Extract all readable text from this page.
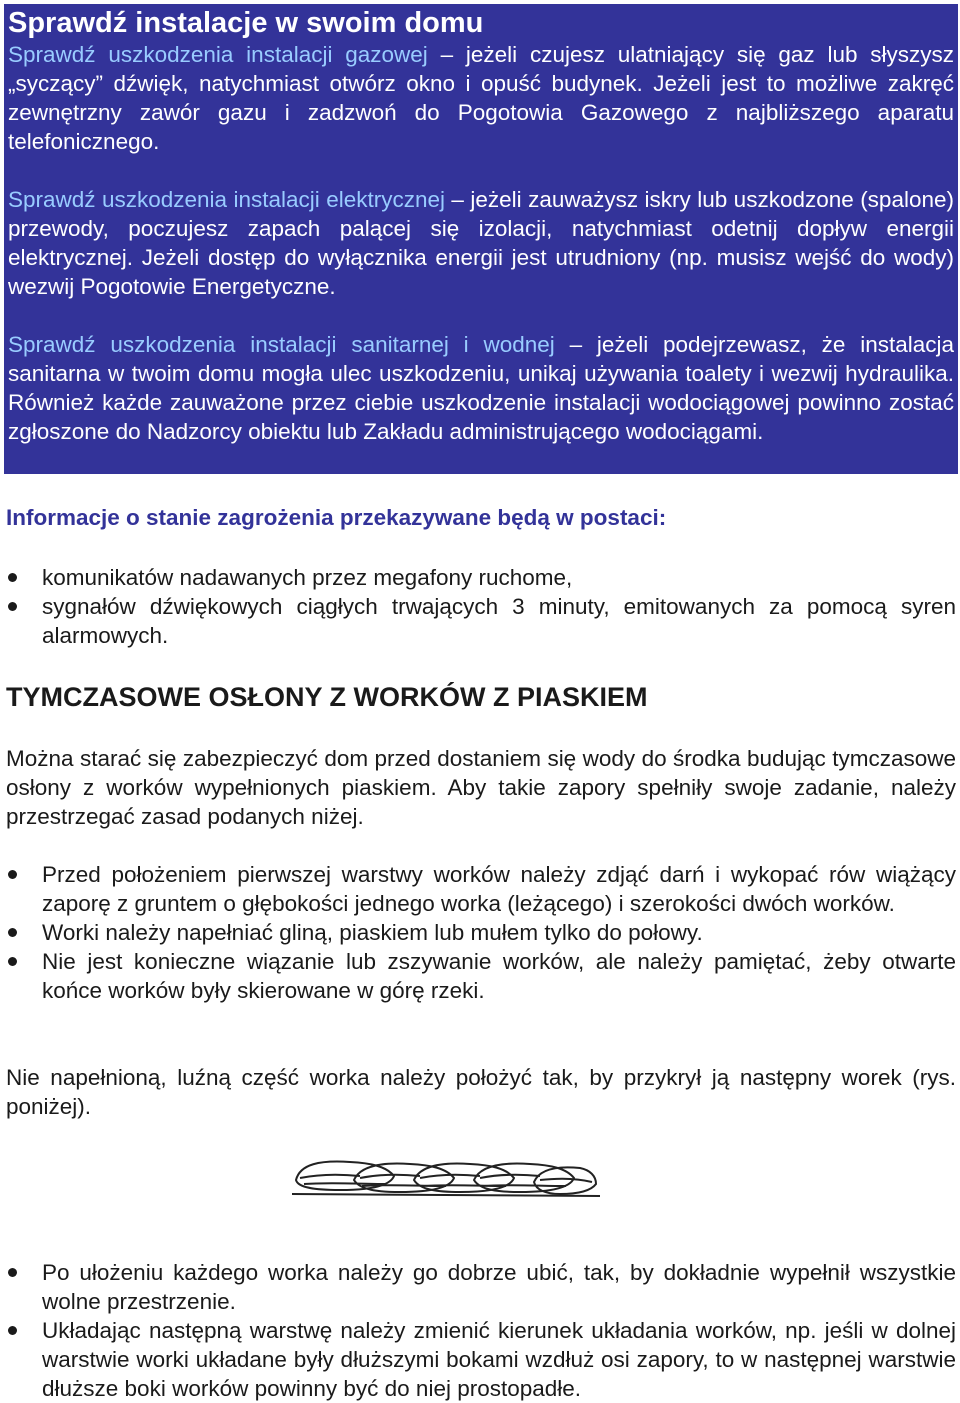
Sprawdź instalacje w swoim domu

Sprawdź uszkodzenia instalacji gazowej – jeżeli czujesz ulatniający się gaz lub słyszysz „syczący” dźwięk, natychmiast otwórz okno i opuść budynek. Jeżeli jest to możliwe zakręć zewnętrzny zawór gazu i zadzwoń do Pogotowia Gazowego z najbliższego aparatu telefonicznego.

Sprawdź uszkodzenia instalacji elektrycznej – jeżeli zauważysz iskry lub uszkodzone (spalone) przewody, poczujesz zapach palącej się izolacji, natychmiast odetnij dopływ energii elektrycznej. Jeżeli dostęp do wyłącznika energii jest utrudniony (np. musisz wejść do wody) wezwij Pogotowie Energetyczne.

Sprawdź uszkodzenia instalacji sanitarnej i wodnej – jeżeli podejrzewasz, że instalacja sanitarna w twoim domu mogła ulec uszkodzeniu, unikaj używania toalety i wezwij hydraulika. Również każde zauważone przez ciebie uszkodzenie instalacji wodociągowej powinno zostać zgłoszone do Nadzorcy obiektu lub Zakładu administrującego wodociągami.

Informacje o stanie zagrożenia przekazywane będą w postaci:

komunikatów nadawanych przez megafony ruchome,
sygnałów dźwiękowych ciągłych trwających 3 minuty, emitowanych za pomocą syren alarmowych.
TYMCZASOWE OSŁONY Z WORKÓW Z PIASKIEM

Można starać się zabezpieczyć dom przed dostaniem się wody do środka budując tymczasowe osłony z worków wypełnionych piaskiem. Aby takie zapory spełniły swoje zadanie, należy przestrzegać zasad podanych niżej.

Przed położeniem pierwszej warstwy worków należy zdjąć darń i wykopać rów wiążący zaporę z gruntem o głębokości jednego worka (leżącego) i szerokości dwóch worków.
Worki należy napełniać gliną, piaskiem lub mułem tylko do połowy.
Nie jest konieczne wiązanie lub zszywanie worków, ale należy pamiętać, żeby otwarte końce worków były skierowane w górę rzeki.

Nie napełnioną, luźną część worka należy położyć tak, by przykrył ją następny worek (rys. poniżej).

Po ułożeniu każdego worka należy go dobrze ubić, tak, by dokładnie wypełnił wszystkie wolne przestrzenie.
Układając następną warstwę należy zmienić kierunek układania worków, np. jeśli w dolnej warstwie worki układane były dłuższymi bokami wzdłuż osi zapory, to w następnej warstwie dłuższe boki worków powinny być do niej prostopadłe.
